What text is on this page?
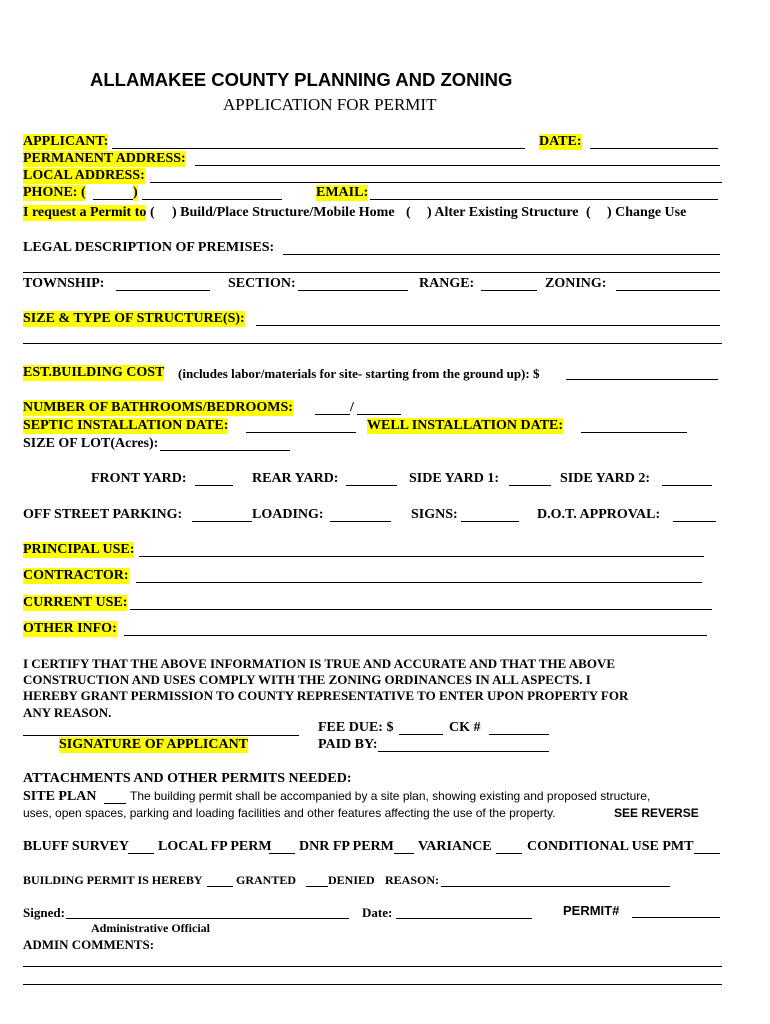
ALLAMAKEE COUNTY PLANNING AND ZONING
APPLICATION FOR PERMIT
APPLICANT:	DATE:
PERMANENT ADDRESS:
LOCAL ADDRESS:
PHONE: (	)	EMAIL:
I request a Permit to ( ) Build/Place Structure/Mobile Home ( ) Alter Existing Structure ( ) Change Use
LEGAL DESCRIPTION OF PREMISES:
TOWNSHIP:	SECTION:	RANGE:	ZONING:
SIZE & TYPE OF STRUCTURE(S):
EST.BUILDING COST (includes labor/materials for site- starting from the ground up): $
NUMBER OF BATHROOMS/BEDROOMS:	/
SEPTIC INSTALLATION DATE:	WELL INSTALLATION DATE:
SIZE OF LOT(Acres):
FRONT YARD:	REAR YARD:	SIDE YARD 1:	SIDE YARD 2:
OFF STREET PARKING:	LOADING:	SIGNS:	D.O.T. APPROVAL:
PRINCIPAL USE:
CONTRACTOR:
CURRENT USE:
OTHER INFO:
I CERTIFY THAT THE ABOVE INFORMATION IS TRUE AND ACCURATE AND THAT THE ABOVE
CONSTRUCTION AND USES COMPLY WITH THE ZONING ORDINANCES IN ALL ASPECTS. I
HEREBY GRANT PERMISSION TO COUNTY REPRESENTATIVE TO ENTER UPON PROPERTY FOR
ANY REASON.
FEE DUE: $	CK #
SIGNATURE OF APPLICANT	PAID BY:
ATTACHMENTS AND OTHER PERMITS NEEDED:
SITE PLAN	The building permit shall be accompanied by a site plan, showing existing and proposed structure,
uses, open spaces, parking and loading facilities and other features affecting the use of the property.	SEE REVERSE
BLUFF SURVEY LOCAL FP PERM DNR FP PERM VARIANCE	CONDITIONAL USE PMT
BUILDING PERMIT IS HEREBY	GRANTED	DENIED REASON:
Signed:	Date:	PERMIT#
Administrative Official
ADMIN COMMENTS:
